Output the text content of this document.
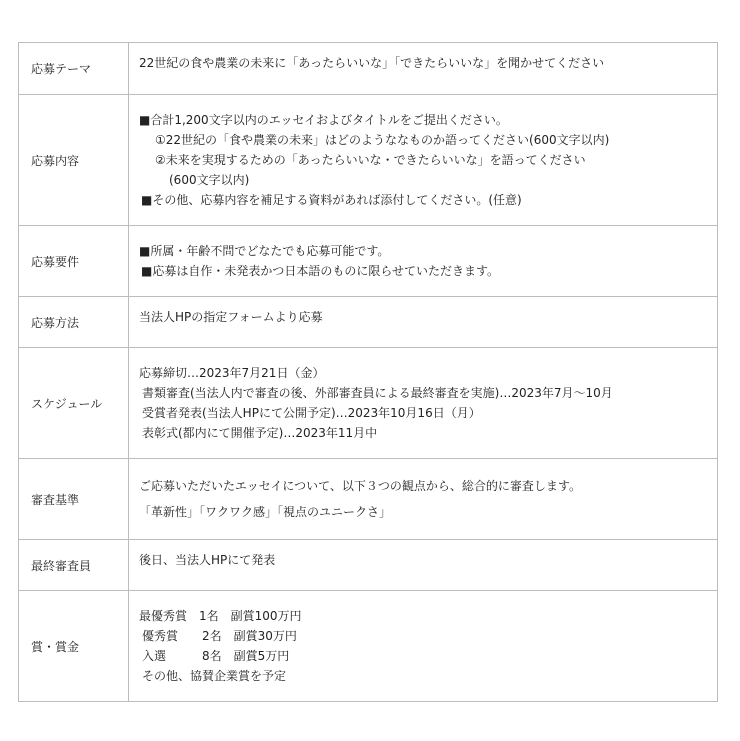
応募テーマ	22世紀の食や農業の未来に「あったらいいな」「できたらいいな」を聞かせてください

応募内容	■合計1,200文字以内のエッセイおよびタイトルをご提出ください。
①22世紀の「食や農業の未来」はどのようななものか語ってください(600文字以内)
②未来を実現するための「あったらいいな・できたらいいな」を語ってください
(600文字以内)
■その他、応募内容を補足する資料があれば添付してください。(任意)

応募要件	■所属・年齢不問でどなたでも応募可能です。
■応募は自作・未発表かつ日本語のものに限らせていただきます。

応募方法	当法人HPの指定フォームより応募

スケジュール	応募締切…2023年7月21日（金）
書類審査(当法人内で審査の後、外部審査員による最終審査を実施)…2023年7月〜10月
受賞者発表(当法人HPにて公開予定)…2023年10月16日（月）
表彰式(都内にて開催予定)…2023年11月中

審査基準	ご応募いただいたエッセイについて、以下３つの観点から、総合的に審査します。
「革新性」「ワクワク感」「視点のユニークさ」

最終審査員	後日、当法人HPにて発表

賞・賞金	最優秀賞　1名　副賞100万円
優秀賞　　2名　副賞30万円
入選　　　8名　副賞5万円
その他、協賛企業賞を予定
